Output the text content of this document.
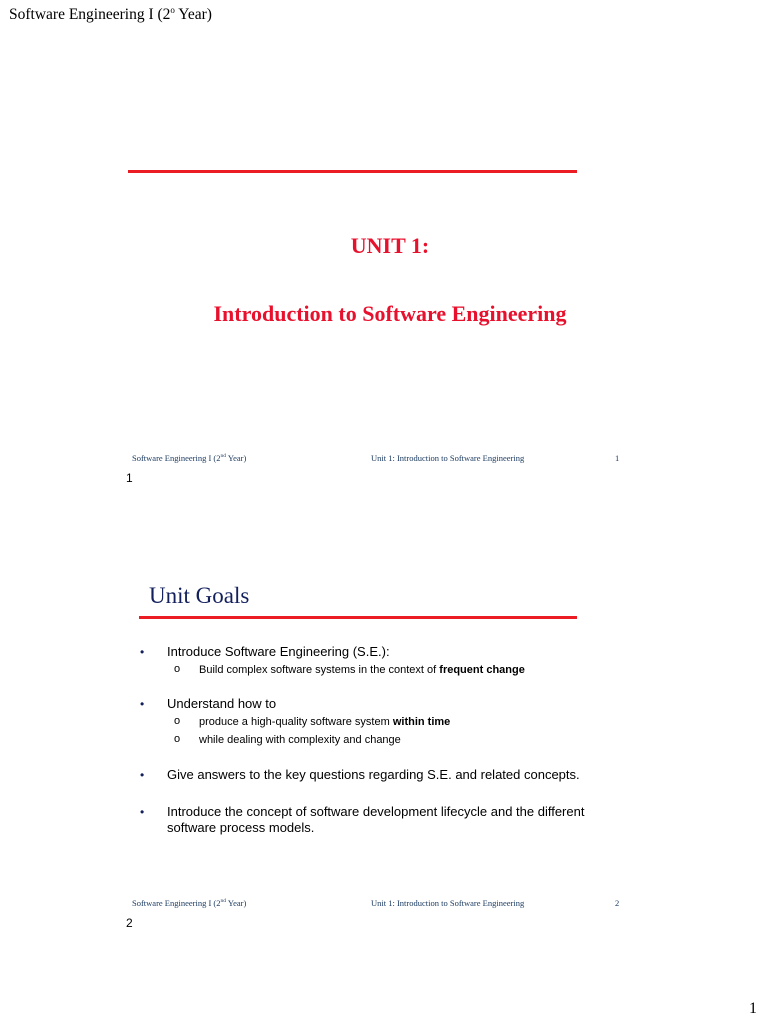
Software Engineering I (2$^o$ Year)
UNIT 1:
Introduction to Software Engineering
Software Engineering I (2nd Year)	Unit 1: Introduction to Software Engineering	1
1
Unit Goals
• Introduce Software Engineering (S.E.):
o Build complex software systems in the context of frequent change
• Understand how to
o produce a high-quality software system within time
o while dealing with complexity and change
• Give answers to the key questions regarding S.E. and related concepts.
• Introduce the concept of software development lifecycle and the different software process models.
Software Engineering I (2nd Year)	Unit 1: Introduction to Software Engineering	2
2
1
